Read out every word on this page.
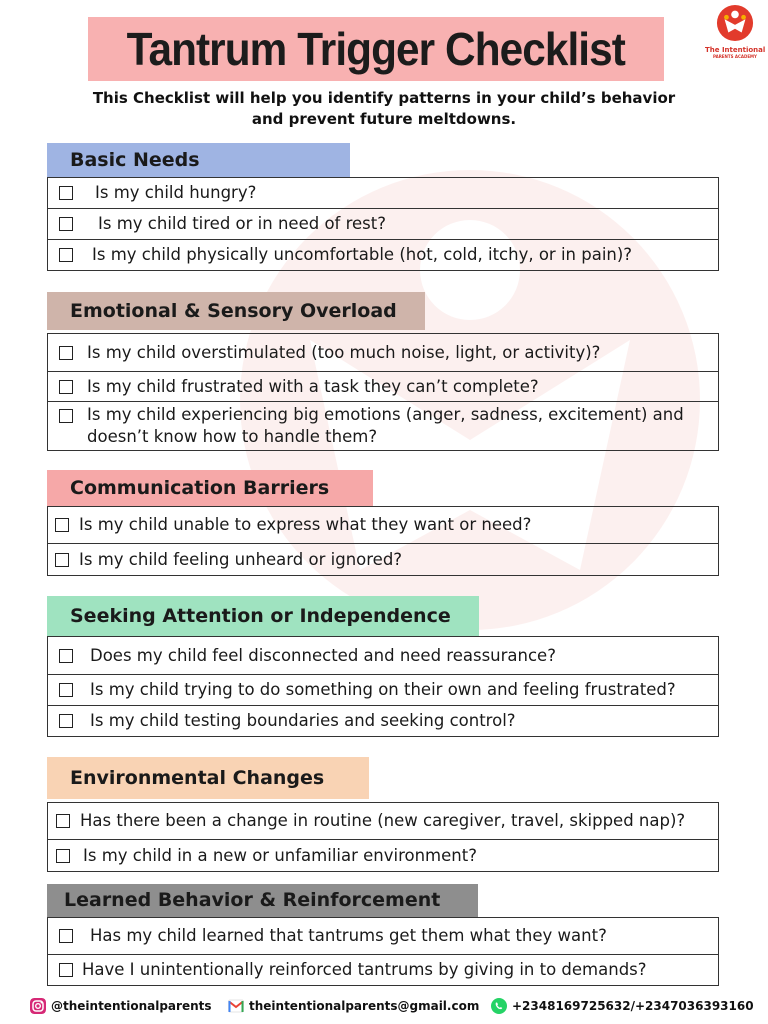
Tantrum Trigger Checklist	The Intentional
PARENTS ACADEMY
This Checklist will help you identify patterns in your child’s behavior
and prevent future meltdowns.
Basic Needs
Is my child hungry?
Is my child tired or in need of rest?
Is my child physically uncomfortable (hot, cold, itchy, or in pain)?
Emotional & Sensory Overload
Is my child overstimulated (too much noise, light, or activity)?
Is my child frustrated with a task they can’t complete?
Is my child experiencing big emotions (anger, sadness, excitement) and doesn’t know how to handle them?
Communication Barriers
Is my child unable to express what they want or need?
Is my child feeling unheard or ignored?
Seeking Attention or Independence
Does my child feel disconnected and need reassurance?
Is my child trying to do something on their own and feeling frustrated?
Is my child testing boundaries and seeking control?
Environmental Changes
Has there been a change in routine (new caregiver, travel, skipped nap)?
Is my child in a new or unfamiliar environment?
Learned Behavior & Reinforcement
Has my child learned that tantrums get them what they want?
Have I unintentionally reinforced tantrums by giving in to demands?
@theintentionalparents	theintentionalparents@gmail.com	+2348169725632/+2347036393160
